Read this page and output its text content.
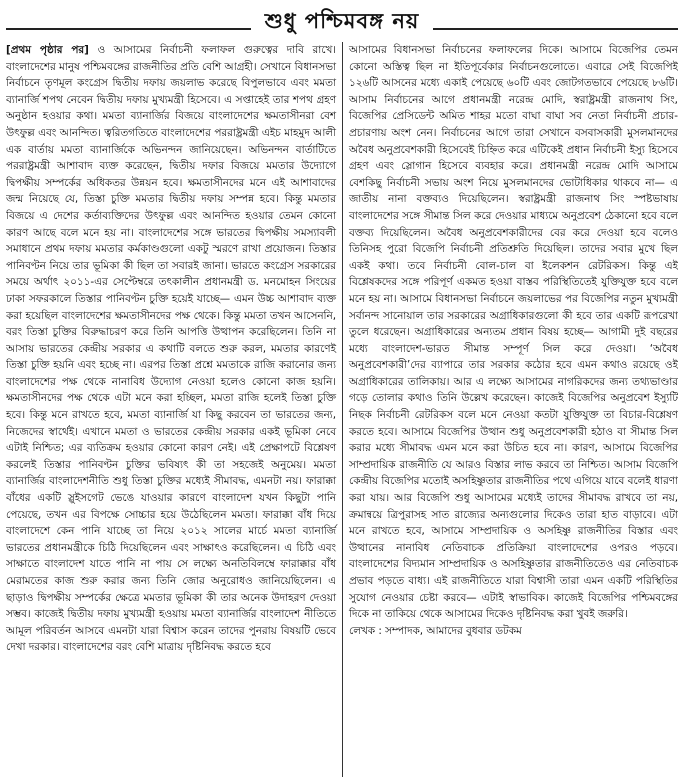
শুধু পশ্চিমবঙ্গ নয়

[প্রথম পৃষ্ঠার পর] ও আসামের নির্বাচনী ফলাফল গুরুত্বের দাবি রাখে। বাংলাদেশের মানুষ পশ্চিমবঙ্গের রাজনীতির প্রতি বেশি আগ্রহী। সেখানে বিধানসভা নির্বাচনে তৃণমূল কংগ্রেস দ্বিতীয় দফায় জয়লাভ করেছে বিপুলভাবে এবং মমতা ব্যানার্জি শপথ নেবেন দ্বিতীয় দফায় মুখ্যমন্ত্রী হিসেবে। এ সপ্তাহেই তার শপথ গ্রহণ অনুষ্ঠান হওয়ার কথা। মমতা ব্যানার্জির বিজয়ে বাংলাদেশের ক্ষমতাসীনরা বেশ উৎফুল্ল এবং আনন্দিত। ত্বরিতগতিতে বাংলাদেশের পররাষ্ট্রমন্ত্রী এইচ মাহমুদ আলী এক বার্তায় মমতা ব্যানার্জিকে অভিনন্দন জানিয়েছেন। অভিনন্দন বার্তাটিতে পররাষ্ট্রমন্ত্রী আশাবাদ ব্যক্ত করেছেন, দ্বিতীয় দফার বিজয়ে মমতার উদ্যোগে দ্বিপক্ষীয় সম্পর্কের অধিকতর উন্নয়ন হবে। ক্ষমতাসীনদের মনে এই আশাবাদের জন্ম নিয়েছে যে, তিস্তা চুক্তি মমতার দ্বিতীয় দফায় সম্পন্ন হবে। কিন্তু মমতার বিজয়ে এ দেশের কর্তাব্যক্তিদের উৎফুল্ল এবং আনন্দিত হওয়ার তেমন কোনো কারণ আছে বলে মনে হয় না। বাংলাদেশের সঙ্গে ভারতের দ্বিপক্ষীয় সমস্যাবলী সমাধানে প্রথম দফায় মমতার কর্মকাণ্ডগুলো একটু স্মরণে রাখা প্রয়োজন। তিস্তার পানিবণ্টন নিয়ে তার ভূমিকা কী ছিল তা সবারই জানা। ভারতে কংগ্রেস সরকারের সময়ে অর্থাৎ ২০১১-এর সেপ্টেম্বরে তৎকালীন প্রধানমন্ত্রী ড. মনমোহন সিংয়ের ঢাকা সফরকালে তিস্তার পানিবণ্টন চুক্তি হয়েই যাচ্ছে— এমন উচ্চ আশাবাদ ব্যক্ত করা হয়েছিল বাংলাদেশের ক্ষমতাসীনদের পক্ষ থেকে। কিন্তু মমতা তখন আসেননি, বরং তিস্তা চুক্তির বিরুদ্ধাচরণ করে তিনি আপত্তি উত্থাপন করেছিলেন। তিনি না আসায় ভারতের কেন্দ্রীয় সরকার এ কথাটি বলতে শুরু করল, মমতার কারণেই তিস্তা চুক্তি হয়নি এবং হচ্ছে না। এরপর তিস্তা প্রশ্নে মমতাকে রাজি করানোর জন্য বাংলাদেশের পক্ষ থেকে নানাবিধ উদ্যোগ নেওয়া হলেও কোনো কাজ হয়নি। ক্ষমতাসীনদের পক্ষ থেকে এটা মনে করা হচ্ছিল, মমতা রাজি হলেই তিস্তা চুক্তি হবে। কিন্তু মনে রাখতে হবে, মমতা ব্যানার্জি যা কিছু করবেন তা ভারতের জন্য, নিজেদের স্বার্থেই। এখানে মমতা ও ভারতের কেন্দ্রীয় সরকার একই ভূমিকা নেবে এটাই নিশ্চিত; এর ব্যতিক্রম হওয়ার কোনো কারণ নেই। এই প্রেক্ষাপটে বিশ্লেষণ করলেই তিস্তার পানিবণ্টন চুক্তির ভবিষ্যৎ কী তা সহজেই অনুমেয়। মমতা ব্যানার্জির বাংলাদেশনীতি শুধু তিস্তা চুক্তির মধ্যেই সীমাবদ্ধ, এমনটা নয়। ফারাক্কা বাঁধের একটি স্লুইসগেট ভেঙে যাওয়ার কারণে বাংলাদেশ যখন কিছুটা পানি পেয়েছে, তখন এর বিপক্ষে সোচ্চার হয়ে উঠেছিলেন মমতা। ফারাক্কা বাঁধ দিয়ে বাংলাদেশে কেন পানি যাচ্ছে তা নিয়ে ২০১২ সালের মার্চে মমতা ব্যানার্জি ভারতের প্রধানমন্ত্রীকে চিঠি দিয়েছিলেন এবং সাক্ষাৎও করেছিলেন। এ চিঠি এবং সাক্ষাতে বাংলাদেশ যাতে পানি না পায় সে লক্ষ্যে অনতিবিলম্বে ফারাক্কার বাঁধ মেরামতের কাজ শুরু করার জন্য তিনি জোর অনুরোধও জানিয়েছিলেন। এ ছাড়াও দ্বিপক্ষীয় সম্পর্কের ক্ষেত্রে মমতার ভূমিকা কী তার অনেক উদাহরণ দেওয়া সম্ভব। কাজেই দ্বিতীয় দফায় মুখ্যমন্ত্রী হওয়ায় মমতা ব্যানার্জির বাংলাদেশ নীতিতে আমূল পরিবর্তন আসবে এমনটা যারা বিশ্বাস করেন তাদের পুনরায় বিষয়টি ভেবে দেখা দরকার। বাংলাদেশের বরং বেশি মাত্রায় দৃষ্টিনিবদ্ধ করতে হবে

আসামের বিধানসভা নির্বাচনের ফলাফলের দিকে। আসামে বিজেপির তেমন কোনো অস্তিত্ব ছিল না ইতিপূর্বেকার নির্বাচনগুলোতে। এবারে সেই বিজেপিই ১২৬টি আসনের মধ্যে একাই পেয়েছে ৬০টি এবং জোটগতভাবে পেয়েছে ৮৬টি। আসাম নির্বাচনের আগে প্রধানমন্ত্রী নরেন্দ্র মোদি, স্বরাষ্ট্রমন্ত্রী রাজনাথ সিং, বিজেপির প্রেসিডেন্ট অমিত শাহর মতো বাঘা বাঘা সব নেতা নির্বাচনী প্রচার-প্রচারণায় অংশ নেন। নির্বাচনের আগে তারা সেখানে বসবাসকারী মুসলমানদের অবৈধ অনুপ্রবেশকারী হিসেবেই চিহ্নিত করে এটিকেই প্রধান নির্বাচনী ইস্যু হিসেবে গ্রহণ এবং স্লোগান হিসেবে ব্যবহার করে। প্রধানমন্ত্রী নরেন্দ্র মোদি আসামে বেশকিছু নির্বাচনী সভায় অংশ নিয়ে মুসলমানদের ভোটাধিকার থাকবে না— এ জাতীয় নানা বক্তব্যও দিয়েছিলেন। স্বরাষ্ট্রমন্ত্রী রাজনাথ সিং স্পষ্টভাষায় বাংলাদেশের সঙ্গে সীমান্ত সিল করে দেওয়ার মাধ্যমে অনুপ্রবেশ ঠেকানো হবে বলে বক্তব্য দিয়েছিলেন। অবৈধ অনুপ্রবেশকারীদের বের করে দেওয়া হবে বলেও তিনিসহ পুরো বিজেপি নির্বাচনী প্রতিশ্রুতি দিয়েছিল। তাদের সবার মুখে ছিল একই কথা। তবে নির্বাচনী বোল-চাল বা ইলেকশন রেটরিকস। কিন্তু এই বিশ্লেষকদের সঙ্গে পরিপূর্ণ একমত হওয়া বাস্তব পরিস্থিতিতেই যুক্তিযুক্ত হবে বলে মনে হয় না। আসামে বিধানসভা নির্বাচনে জয়লাভের পর বিজেপির নতুন মুখ্যমন্ত্রী সর্বানন্দ সানোয়াল তার সরকারের অগ্রাধিকারগুলো কী হবে তার একটি রূপরেখা তুলে ধরেছেন। অগ্রাধিকারের অন্যতম প্রধান বিষয় হচ্ছে— আগামী দুই বছরের মধ্যে বাংলাদেশ-ভারত সীমান্ত সম্পূর্ণ সিল করে দেওয়া। ‘অবৈধ অনুপ্রবেশকারী’দের ব্যাপারে তার সরকার কঠোর হবে এমন কথাও রয়েছে ওই অগ্রাধিকারের তালিকায়। আর এ লক্ষ্যে আসামের নাগরিকদের জন্য তথ্যভাণ্ডার গড়ে তোলার কথাও তিনি উল্লেখ করেছেন। কাজেই বিজেপির অনুপ্রবেশ ইস্যুটি নিছক নির্বাচনী রেটরিকস বলে মনে নেওয়া কতটা যুক্তিযুক্ত তা বিচার-বিশ্লেষণ করতে হবে। আসামে বিজেপির উত্থান শুধু অনুপ্রবেশকারী হঠাও বা সীমান্ত সিল করার মধ্যে সীমাবদ্ধ এমন মনে করা উচিত হবে না। কারণ, আসামে বিজেপির সাম্প্রদায়িক রাজনীতি যে আরও বিস্তার লাভ করবে তা নিশ্চিত। আসাম বিজেপি কেন্দ্রীয় বিজেপির মতোই অসহিষ্ণুতার রাজনীতির পথে এগিয়ে যাবে বলেই ধারণা করা যায়। আর বিজেপি শুধু আসামের মধ্যেই তাদের সীমাবদ্ধ রাখবে তা নয়, ক্রমান্বয়ে ত্রিপুরাসহ সাত রাজ্যের অন্যগুলোর দিকেও তারা হাত বাড়াবে। এটা মনে রাখতে হবে, আসামে সাম্প্রদায়িক ও অসহিষ্ণু রাজনীতির বিস্তার এবং উত্থানের নানাবিধ নেতিবাচক প্রতিক্রিয়া বাংলাদেশের ওপরও পড়বে। বাংলাদেশের বিদ্যমান সাম্প্রদায়িক ও অসহিষ্ণুতার রাজনীতিতেও এর নেতিবাচক প্রভাব পড়তে বাধ্য। এই রাজনীতিতে যারা বিশ্বাসী তারা এমন একটি পরিস্থিতির সুযোগ নেওয়ার চেষ্টা করবে— এটাই স্বাভাবিক। কাজেই বিজেপির পশ্চিমবঙ্গের দিকে না তাকিয়ে থেকে আসামের দিকেও দৃষ্টিনিবদ্ধ করা খুবই জরুরি।

লেখক : সম্পাদক, আমাদের বুধবার ডটকম
